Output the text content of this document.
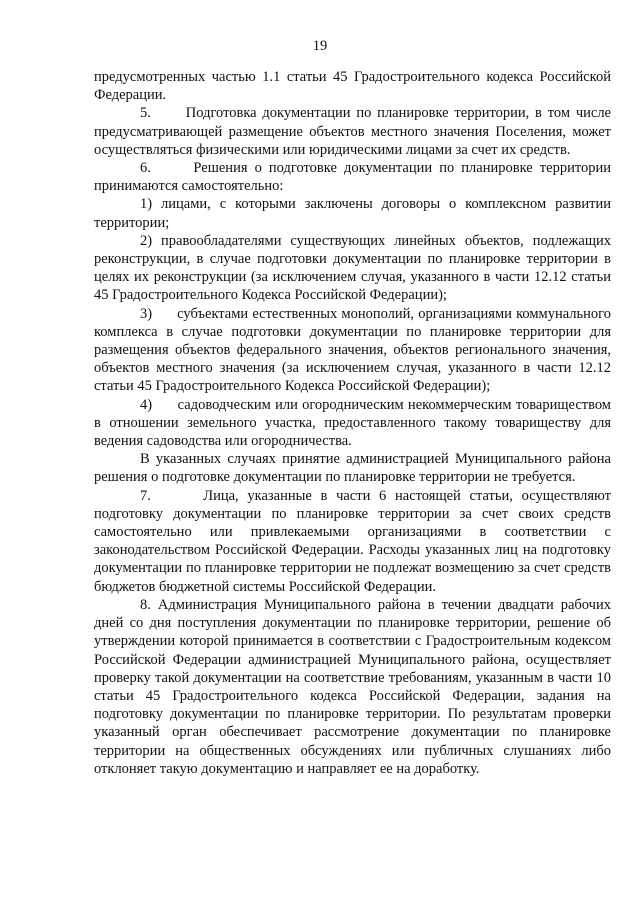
19

предусмотренных частью 1.1 статьи 45 Градостроительного кодекса Российской Федерации.

5.      Подготовка документации по планировке территории, в том числе предусматривающей размещение объектов местного значения Поселения, может осуществляться физическими или юридическими лицами за счет их средств.

6.      Решения о подготовке документации по планировке территории принимаются самостоятельно:

1) лицами, с которыми заключены договоры о комплексном развитии территории;

2) правообладателями существующих линейных объектов, подлежащих реконструкции, в случае подготовки документации по планировке территории в целях их реконструкции (за исключением случая, указанного в части 12.12 статьи 45 Градостроительного Кодекса Российской Федерации);

3)      субъектами естественных монополий, организациями коммунального комплекса в случае подготовки документации по планировке территории для размещения объектов федерального значения, объектов регионального значения, объектов местного значения (за исключением случая, указанного в части 12.12 статьи 45 Градостроительного Кодекса Российской Федерации);

4)      садоводческим или огородническим некоммерческим товариществом в отношении земельного участка, предоставленного такому товариществу для ведения садоводства или огородничества.

В указанных случаях принятие администрацией Муниципального района решения о подготовке документации по планировке территории не требуется.

7.      Лица, указанные в части 6 настоящей статьи, осуществляют подготовку документации по планировке территории за счет своих средств самостоятельно или привлекаемыми организациями в соответствии с законодательством Российской Федерации. Расходы указанных лиц на подготовку документации по планировке территории не подлежат возмещению за счет средств бюджетов бюджетной системы Российской Федерации.

8. Администрация Муниципального района в течении двадцати рабочих дней со дня поступления документации по планировке территории, решение об утверждении которой принимается в соответствии с Градостроительным кодексом Российской Федерации администрацией Муниципального района, осуществляет проверку такой документации на соответствие требованиям, указанным в части 10 статьи 45 Градостроительного кодекса Российской Федерации, задания на подготовку документации по планировке территории. По результатам проверки указанный орган обеспечивает рассмотрение документации по планировке территории на общественных обсуждениях или публичных слушаниях либо отклоняет такую документацию и направляет ее на доработку.
